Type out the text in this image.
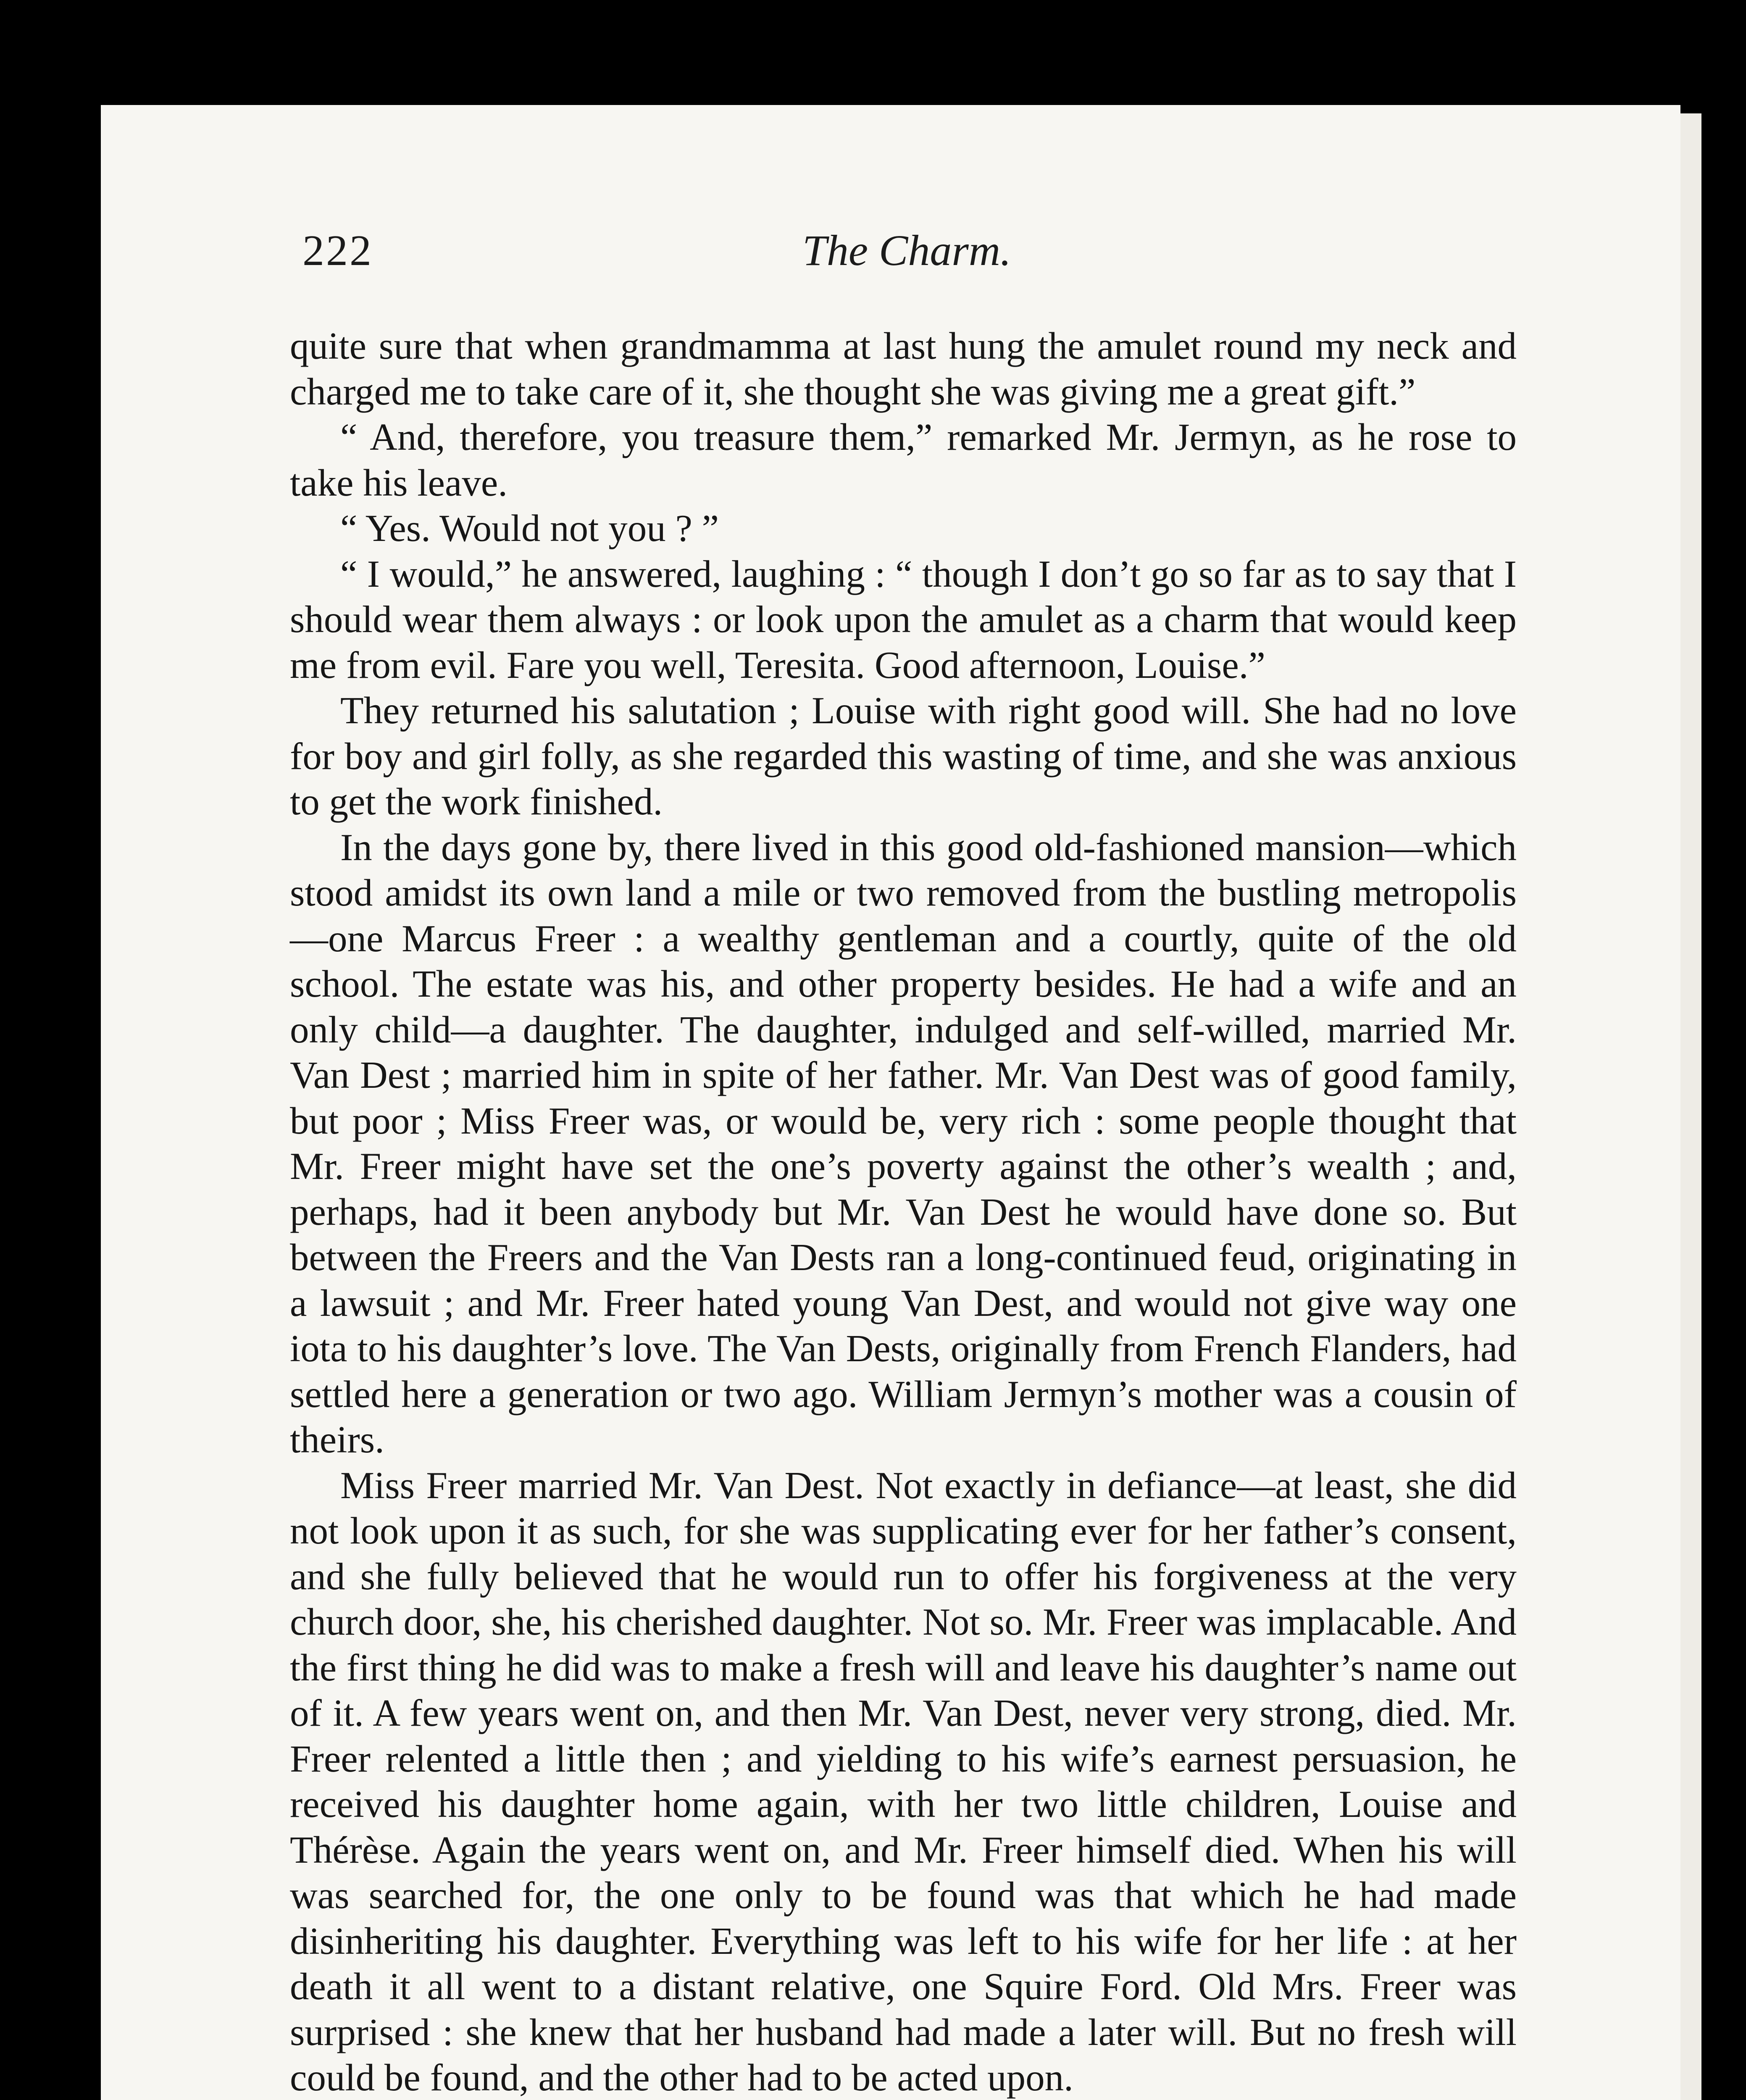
222	The Charm.

quite sure that when grandmamma at last hung the amulet round my neck and charged me to take care of it, she thought she was giving me a great gift.”

“ And, therefore, you treasure them,” remarked Mr. Jermyn, as he rose to take his leave.

“ Yes. Would not you ? ”

“ I would,” he answered, laughing : “ though I don’t go so far as to say that I should wear them always : or look upon the amulet as a charm that would keep me from evil. Fare you well, Teresita. Good afternoon, Louise.”

They returned his salutation ; Louise with right good will. She had no love for boy and girl folly, as she regarded this wasting of time, and she was anxious to get the work finished.

In the days gone by, there lived in this good old-fashioned mansion—which stood amidst its own land a mile or two removed from the bustling metropolis—one Marcus Freer : a wealthy gentleman and a courtly, quite of the old school. The estate was his, and other property besides. He had a wife and an only child—a daughter. The daughter, indulged and self-willed, married Mr. Van Dest ; married him in spite of her father. Mr. Van Dest was of good family, but poor ; Miss Freer was, or would be, very rich : some people thought that Mr. Freer might have set the one’s poverty against the other’s wealth ; and, perhaps, had it been anybody but Mr. Van Dest he would have done so. But between the Freers and the Van Dests ran a long-continued feud, originating in a lawsuit ; and Mr. Freer hated young Van Dest, and would not give way one iota to his daughter’s love. The Van Dests, originally from French Flanders, had settled here a generation or two ago. William Jermyn’s mother was a cousin of theirs.

Miss Freer married Mr. Van Dest. Not exactly in defiance—at least, she did not look upon it as such, for she was supplicating ever for her father’s consent, and she fully believed that he would run to offer his forgiveness at the very church door, she, his cherished daughter. Not so. Mr. Freer was implacable. And the first thing he did was to make a fresh will and leave his daughter’s name out of it. A few years went on, and then Mr. Van Dest, never very strong, died. Mr. Freer relented a little then ; and yielding to his wife’s earnest persuasion, he received his daughter home again, with her two little children, Louise and Thérèse. Again the years went on, and Mr. Freer himself died. When his will was searched for, the one only to be found was that which he had made disinheriting his daughter. Everything was left to his wife for her life : at her death it all went to a distant relative, one Squire Ford. Old Mrs. Freer was surprised : she knew that her husband had made a later will. But no fresh will could be found, and the other had to be acted upon.
